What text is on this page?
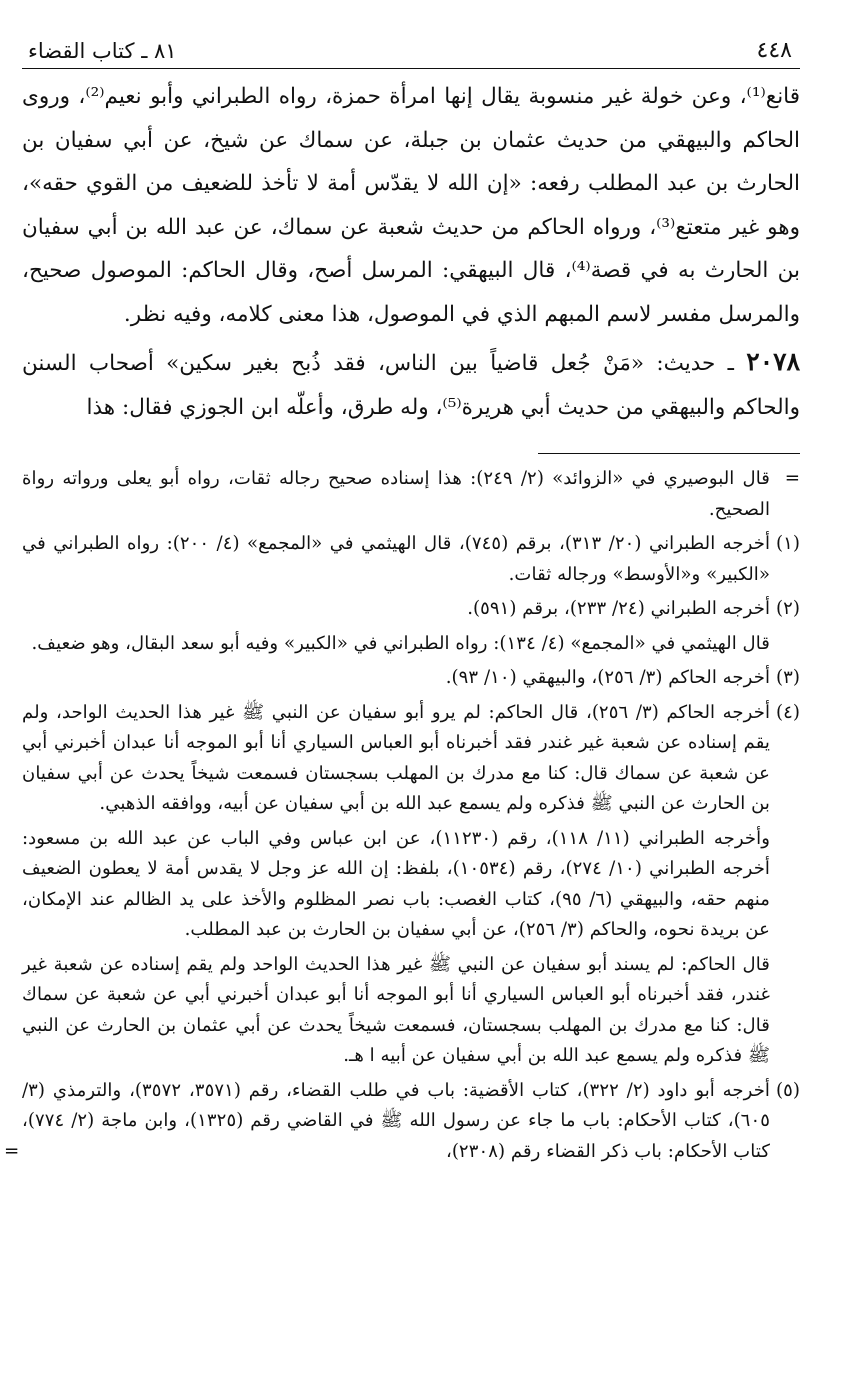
٤٤٨
٨١ ـ كتاب القضاء

قانع⁽¹⁾، وعن خولة غير منسوبة يقال إنها امرأة حمزة، رواه الطبراني وأبو نعيم⁽²⁾، وروى الحاكم والبيهقي من حديث عثمان بن جبلة، عن سماك عن شيخ، عن أبي سفيان بن الحارث بن عبد المطلب رفعه: «إن الله لا يقدّس أمة لا تأخذ للضعيف من القوي حقه»، وهو غير متعتع⁽³⁾، ورواه الحاكم من حديث شعبة عن سماك، عن عبد الله بن أبي سفيان بن الحارث به في قصة⁽⁴⁾، قال البيهقي: المرسل أصح، وقال الحاكم: الموصول صحيح، والمرسل مفسر لاسم المبهم الذي في الموصول، هذا معنى كلامه، وفيه نظر.

٢٠٧٨ ـ حديث: «مَنْ جُعل قاضياً بين الناس، فقد ذُبح بغير سكين» أصحاب السنن والحاكم والبيهقي من حديث أبي هريرة⁽⁵⁾، وله طرق، وأعلّه ابن الجوزي فقال: هذا

=
قال البوصيري في «الزوائد» (٢/ ٢٤٩): هذا إسناده صحيح رجاله ثقات، رواه أبو يعلى ورواته رواة الصحيح.
(١)
أخرجه الطبراني (٢٠/ ٣١٣)، برقم (٧٤٥)، قال الهيثمي في «المجمع» (٤/ ٢٠٠): رواه الطبراني في «الكبير» و«الأوسط» ورجاله ثقات.
(٢)
أخرجه الطبراني (٢٤/ ٢٣٣)، برقم (٥٩١).
قال الهيثمي في «المجمع» (٤/ ١٣٤): رواه الطبراني في «الكبير» وفيه أبو سعد البقال، وهو ضعيف.
(٣)
أخرجه الحاكم (٣/ ٢٥٦)، والبيهقي (١٠/ ٩٣).
(٤)
أخرجه الحاكم (٣/ ٢٥٦)، قال الحاكم: لم يرو أبو سفيان عن النبي ﷺ غير هذا الحديث الواحد، ولم يقم إسناده عن شعبة غير غندر فقد أخبرناه أبو العباس السياري أنا أبو الموجه أنا عبدان أخبرني أبي عن شعبة عن سماك قال: كنا مع مدرك بن المهلب بسجستان فسمعت شيخاً يحدث عن أبي سفيان بن الحارث عن النبي ﷺ فذكره ولم يسمع عبد الله بن أبي سفيان عن أبيه، ووافقه الذهبي.
وأخرجه الطبراني (١١/ ١١٨)، رقم (١١٢٣٠)، عن ابن عباس وفي الباب عن عبد الله بن مسعود: أخرجه الطبراني (١٠/ ٢٧٤)، رقم (١٠٥٣٤)، بلفظ: إن الله عز وجل لا يقدس أمة لا يعطون الضعيف منهم حقه، والبيهقي (٦/ ٩٥)، كتاب الغصب: باب نصر المظلوم والأخذ على يد الظالم عند الإمكان، عن بريدة نحوه، والحاكم (٣/ ٢٥٦)، عن أبي سفيان بن الحارث بن عبد المطلب.
قال الحاكم: لم يسند أبو سفيان عن النبي ﷺ غير هذا الحديث الواحد ولم يقم إسناده عن شعبة غير غندر، فقد أخبرناه أبو العباس السياري أنا أبو الموجه أنا أبو عبدان أخبرني أبي عن شعبة عن سماك قال: كنا مع مدرك بن المهلب بسجستان، فسمعت شيخاً يحدث عن أبي عثمان بن الحارث عن النبي ﷺ فذكره ولم يسمع عبد الله بن أبي سفيان عن أبيه ا هـ.
(٥)
أخرجه أبو داود (٢/ ٣٢٢)، كتاب الأقضية: باب في طلب القضاء، رقم (٣٥٧١، ٣٥٧٢)، والترمذي (٣/ ٦٠٥)، كتاب الأحكام: باب ما جاء عن رسول الله ﷺ في القاضي رقم (١٣٢٥)، وابن ماجة (٢/ ٧٧٤)، كتاب الأحكام: باب ذكر القضاء رقم (٢٣٠٨)،
=
